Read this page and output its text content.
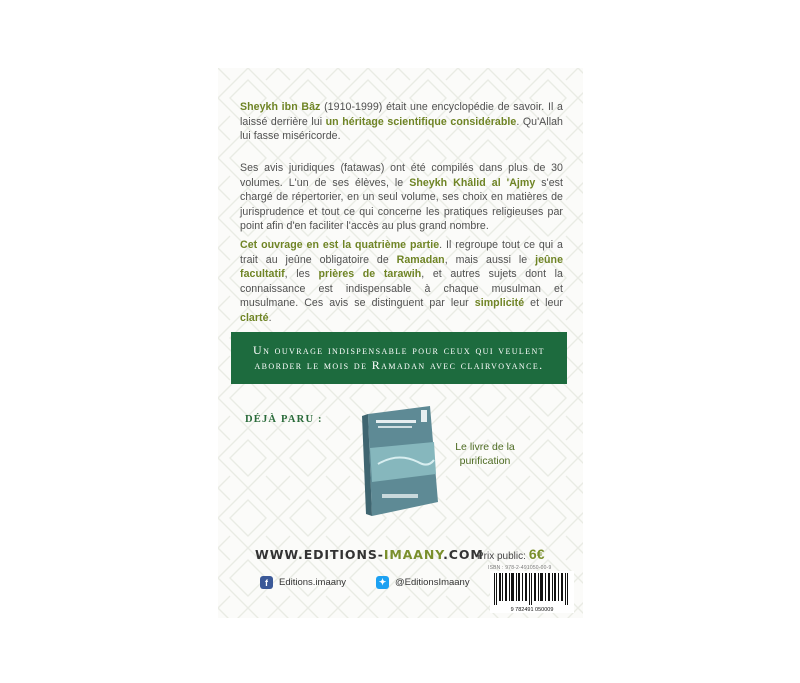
Sheykh ibn Bâz (1910-1999) était une encyclopédie de savoir. Il a laissé derrière lui un héritage scientifique considérable. Qu'Allah lui fasse miséricorde.
Ses avis juridiques (fatawas) ont été compilés dans plus de 30 volumes. L'un de ses élèves, le Sheykh Khâlid al 'Ajmy s'est chargé de répertorier, en un seul volume, ses choix en matières de jurisprudence et tout ce qui concerne les pratiques religieuses par point afin d'en faciliter l'accès au plus grand nombre.
Cet ouvrage en est la quatrième partie. Il regroupe tout ce qui a trait au jeûne obligatoire de Ramadan, mais aussi le jeûne facultatif, les prières de tarawih, et autres sujets dont la connaissance est indispensable à chaque musulman et musulmane. Ces avis se distinguent par leur simplicité et leur clarté.
Un ouvrage indispensable pour ceux qui veulent aborder le mois de Ramadan avec clairvoyance.
DÉJÀ PARU :
Le livre de la purification
WWW.EDITIONS-IMAANY.COM
Prix public: 6€
ISBN : 978-2-491050-00-9
9 782491 050009
f	Editions.imaany	✦ @EditionsImaany
